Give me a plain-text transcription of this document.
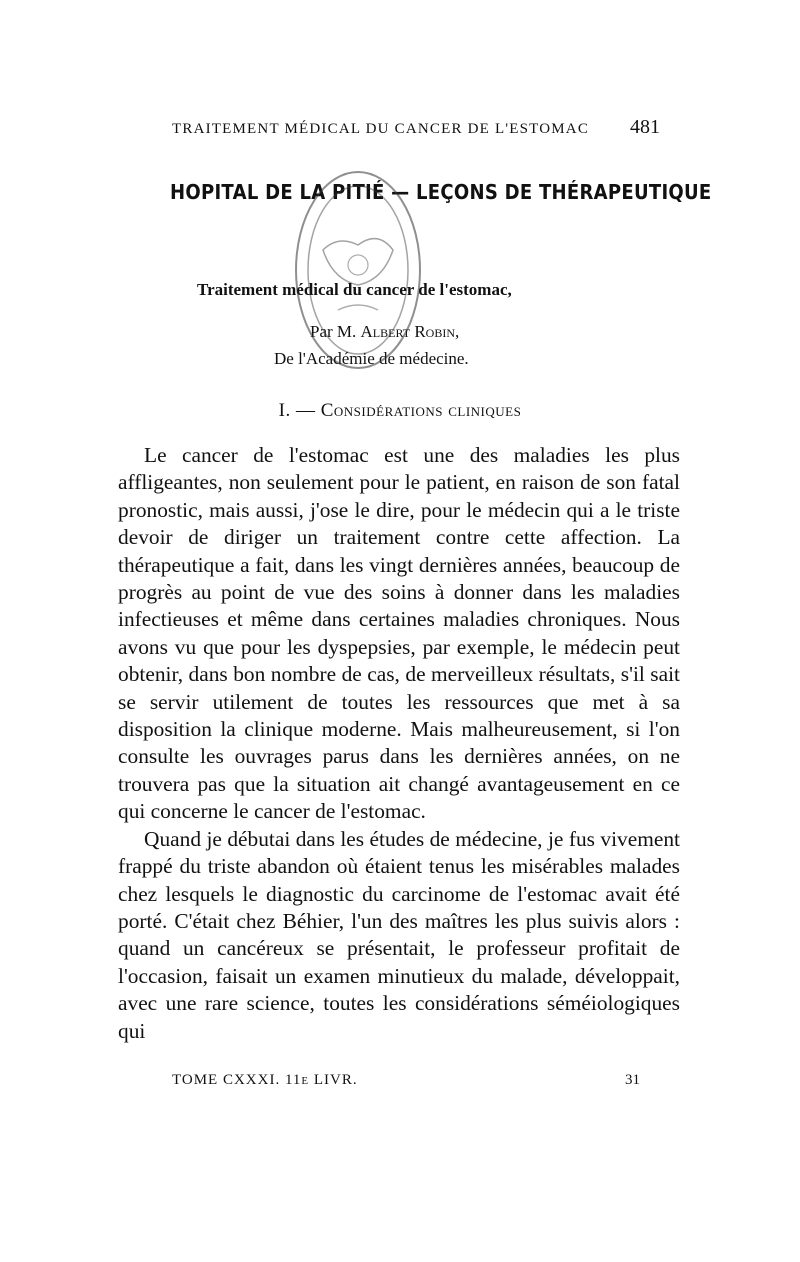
TRAITEMENT MÉDICAL DU CANCER DE L'ESTOMAC 481
HOPITAL DE LA PITIÉ — LEÇONS DE THÉRAPEUTIQUE
Traitement médical du cancer de l'estomac,
Par M. Albert Robin,
De l'Académie de médecine.
I. — Considérations cliniques

Le cancer de l'estomac est une des maladies les plus affligeantes, non seulement pour le patient, en raison de son fatal pronostic, mais aussi, j'ose le dire, pour le médecin qui a le triste devoir de diriger un traitement contre cette affection. La thérapeutique a fait, dans les vingt dernières années, beaucoup de progrès au point de vue des soins à donner dans les maladies infectieuses et même dans certaines maladies chroniques. Nous avons vu que pour les dyspepsies, par exemple, le médecin peut obtenir, dans bon nombre de cas, de merveilleux résultats, s'il sait se servir utilement de toutes les ressources que met à sa disposition la clinique moderne. Mais malheureusement, si l'on consulte les ouvrages parus dans les dernières années, on ne trouvera pas que la situation ait changé avantageusement en ce qui concerne le cancer de l'estomac.

Quand je débutai dans les études de médecine, je fus vivement frappé du triste abandon où étaient tenus les misérables malades chez lesquels le diagnostic du carcinome de l'estomac avait été porté. C'était chez Béhier, l'un des maîtres les plus suivis alors : quand un cancéreux se présentait, le professeur profitait de l'occasion, faisait un examen minutieux du malade, développait, avec une rare science, toutes les considérations séméiologiques qui

TOME CXXXI. 11e LIVR.	31
